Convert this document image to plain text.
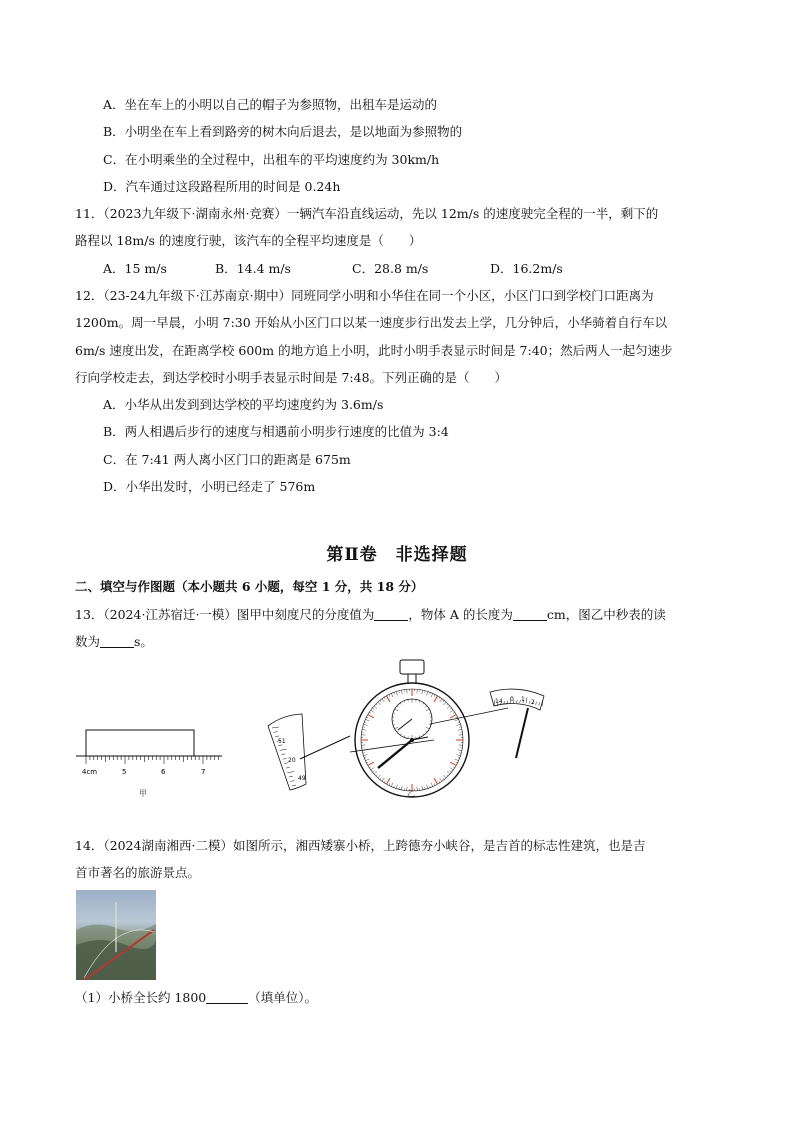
A．坐在车上的小明以自己的帽子为参照物，出租车是运动的
B．小明坐在车上看到路旁的树木向后退去，是以地面为参照物的
C．在小明乘坐的全过程中，出租车的平均速度约为 30km/h
D．汽车通过这段路程所用的时间是 0.24h
11．（2023九年级下·湖南永州·竞赛）一辆汽车沿直线运动，先以 12m/s 的速度驶完全程的一半，剩下的
路程以 18m/s 的速度行驶，该汽车的全程平均速度是（　　）
A．15 m/s	B．14.4 m/s	C．28.8 m/s	D．16.2m/s
12．（23-24九年级下·江苏南京·期中）同班同学小明和小华住在同一个小区，小区门口到学校门口距离为
1200m。周一早晨，小明 7:30 开始从小区门口以某一速度步行出发去上学，几分钟后，小华骑着自行车以
6m/s 速度出发，在距离学校 600m 的地方追上小明，此时小明手表显示时间是 7:40；然后两人一起匀速步
行向学校走去，到达学校时小明手表显示时间是 7:48。下列正确的是（　　）
A．小华从出发到到达学校的平均速度约为 3.6m/s
B．两人相遇后步行的速度与相遇前小明步行速度的比值为 3:4
C．在 7:41 两人离小区门口的距离是 675m
D．小华出发时，小明已经走了 576m
第Ⅱ卷　非选择题
二、填空与作图题（本小题共 6 小题，每空 1 分，共 18 分）
13．（2024·江苏宿迁·一模）图甲中刻度尺的分度值为	，物体 A 的长度为	cm，图乙中秒表的读
数为	s。
4cm	5	6	7
甲
51
20
49
14 0 1 2
乙
14．（2024湖南湘西·二模）如图所示，湘西矮寨小桥，上跨德夯小峡谷，是吉首的标志性建筑，也是吉
首市著名的旅游景点。
（1）小桥全长约 1800	（填单位）。
